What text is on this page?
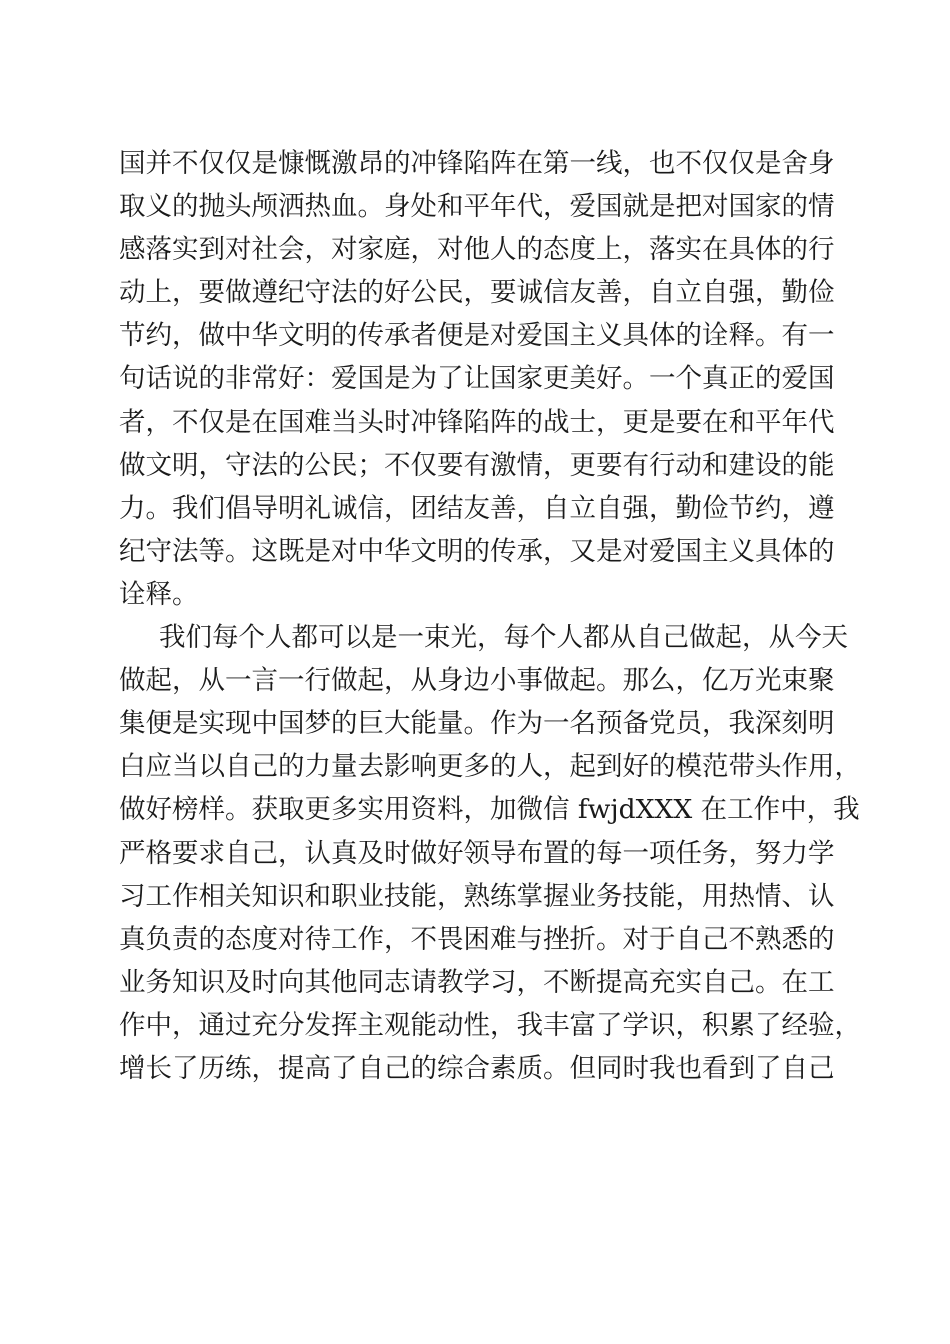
国并不仅仅是慷慨激昂的冲锋陷阵在第一线，也不仅仅是舍身
取义的抛头颅洒热血。身处和平年代，爱国就是把对国家的情
感落实到对社会，对家庭，对他人的态度上，落实在具体的行
动上，要做遵纪守法的好公民，要诚信友善，自立自强，勤俭
节约，做中华文明的传承者便是对爱国主义具体的诠释。有一
句话说的非常好：爱国是为了让国家更美好。一个真正的爱国
者，不仅是在国难当头时冲锋陷阵的战士，更是要在和平年代
做文明，守法的公民；不仅要有激情，更要有行动和建设的能
力。我们倡导明礼诚信，团结友善，自立自强，勤俭节约，遵
纪守法等。这既是对中华文明的传承，又是对爱国主义具体的
诠释。
我们每个人都可以是一束光，每个人都从自己做起，从今天
做起，从一言一行做起，从身边小事做起。那么，亿万光束聚
集便是实现中国梦的巨大能量。作为一名预备党员，我深刻明
白应当以自己的力量去影响更多的人，起到好的模范带头作用，
做好榜样。获取更多实用资料，加微信 fwjdXXX 在工作中，我
严格要求自己，认真及时做好领导布置的每一项任务，努力学
习工作相关知识和职业技能，熟练掌握业务技能，用热情、认
真负责的态度对待工作，不畏困难与挫折。对于自己不熟悉的
业务知识及时向其他同志请教学习，不断提高充实自己。在工
作中，通过充分发挥主观能动性，我丰富了学识，积累了经验，
增长了历练，提高了自己的综合素质。但同时我也看到了自己
